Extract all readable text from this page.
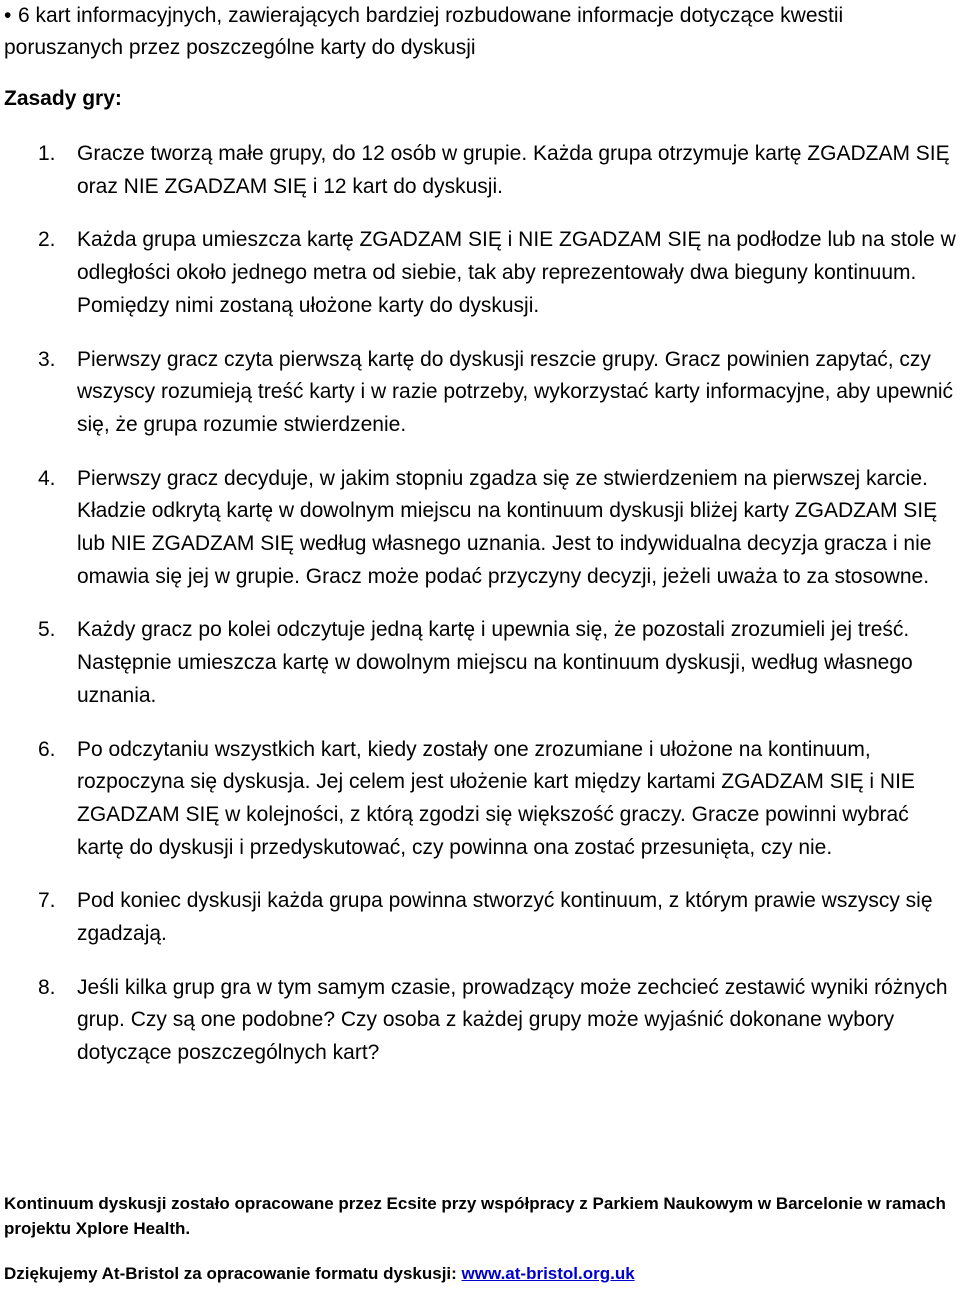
• 6 kart informacyjnych, zawierających bardziej rozbudowane informacje dotyczące kwestii poruszanych przez poszczególne karty do dyskusji
Zasady gry:
1. Gracze tworzą małe grupy, do 12 osób w grupie. Każda grupa otrzymuje kartę ZGADZAM SIĘ oraz NIE ZGADZAM SIĘ i 12 kart do dyskusji.
2. Każda grupa umieszcza kartę ZGADZAM SIĘ i NIE ZGADZAM SIĘ na podłodze lub na stole w odległości około jednego metra od siebie, tak aby reprezentowały dwa bieguny kontinuum. Pomiędzy nimi zostaną ułożone karty do dyskusji.
3. Pierwszy gracz czyta pierwszą kartę do dyskusji reszcie grupy. Gracz powinien zapytać, czy wszyscy rozumieją treść karty i w razie potrzeby, wykorzystać karty informacyjne, aby upewnić się, że grupa rozumie stwierdzenie.
4. Pierwszy gracz decyduje, w jakim stopniu zgadza się ze stwierdzeniem na pierwszej karcie. Kładzie odkrytą kartę w dowolnym miejscu na kontinuum dyskusji bliżej karty ZGADZAM SIĘ lub NIE ZGADZAM SIĘ według własnego uznania. Jest to indywidualna decyzja gracza i nie omawia się jej w grupie. Gracz może podać przyczyny decyzji, jeżeli uważa to za stosowne.
5. Każdy gracz po kolei odczytuje jedną kartę i upewnia się, że pozostali zrozumieli jej treść. Następnie umieszcza kartę w dowolnym miejscu na kontinuum dyskusji, według własnego uznania.
6. Po odczytaniu wszystkich kart, kiedy zostały one zrozumiane i ułożone na kontinuum, rozpoczyna się dyskusja. Jej celem jest ułożenie kart między kartami ZGADZAM SIĘ i NIE ZGADZAM SIĘ w kolejności, z którą zgodzi się większość graczy. Gracze powinni wybrać kartę do dyskusji i przedyskutować, czy powinna ona zostać przesunięta, czy nie.
7. Pod koniec dyskusji każda grupa powinna stworzyć kontinuum, z którym prawie wszyscy się zgadzają.
8. Jeśli kilka grup gra w tym samym czasie, prowadzący może zechcieć zestawić wyniki różnych grup. Czy są one podobne? Czy osoba z każdej grupy może wyjaśnić dokonane wybory dotyczące poszczególnych kart?
Kontinuum dyskusji zostało opracowane przez Ecsite przy współpracy z Parkiem Naukowym w Barcelonie w ramach projektu Xplore Health.
Dziękujemy At-Bristol za opracowanie formatu dyskusji: www.at-bristol.org.uk
